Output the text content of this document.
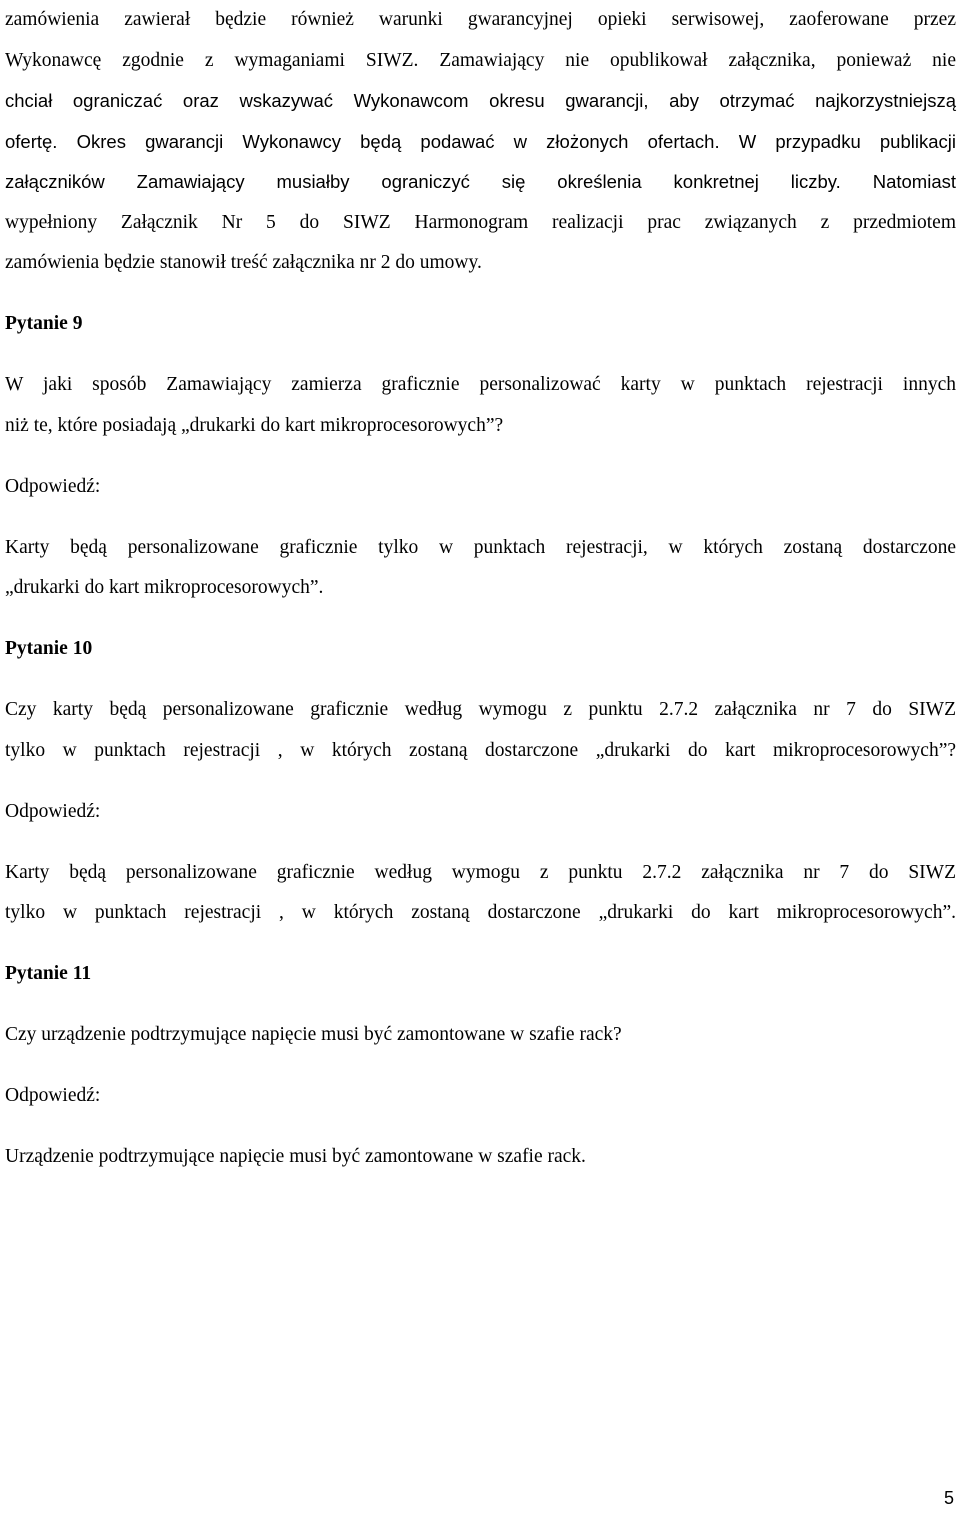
zamówienia zawierał będzie również warunki gwarancyjnej opieki serwisowej, zaoferowane przez
Wykonawcę zgodnie z wymaganiami SIWZ. Zamawiający nie opublikował załącznika, ponieważ nie
chciał ograniczać oraz wskazywać Wykonawcom okresu gwarancji, aby otrzymać najkorzystniejszą
ofertę. Okres gwarancji Wykonawcy będą podawać w złożonych ofertach. W przypadku publikacji
załączników Zamawiający musiałby ograniczyć się określenia konkretnej liczby. Natomiast
wypełniony Załącznik Nr 5 do SIWZ Harmonogram realizacji prac związanych z przedmiotem
zamówienia będzie stanowił treść załącznika nr 2 do umowy.

Pytanie 9

W jaki sposób Zamawiający zamierza graficznie personalizować karty w punktach rejestracji innych
niż te, które posiadają „drukarki do kart mikroprocesorowych”?

Odpowiedź:

Karty będą personalizowane graficznie tylko w punktach rejestracji, w których zostaną dostarczone
„drukarki do kart mikroprocesorowych”.

Pytanie 10

Czy karty będą personalizowane graficznie według wymogu z punktu 2.7.2 załącznika nr 7 do SIWZ
tylko w punktach rejestracji , w których zostaną dostarczone „drukarki do kart mikroprocesorowych”?

Odpowiedź:

Karty będą personalizowane graficznie według wymogu z punktu 2.7.2 załącznika nr 7 do SIWZ
tylko w punktach rejestracji , w których zostaną dostarczone „drukarki do kart mikroprocesorowych”.

Pytanie 11

Czy urządzenie podtrzymujące napięcie musi być zamontowane w szafie rack?

Odpowiedź:

Urządzenie podtrzymujące napięcie musi być zamontowane w szafie rack.
5
